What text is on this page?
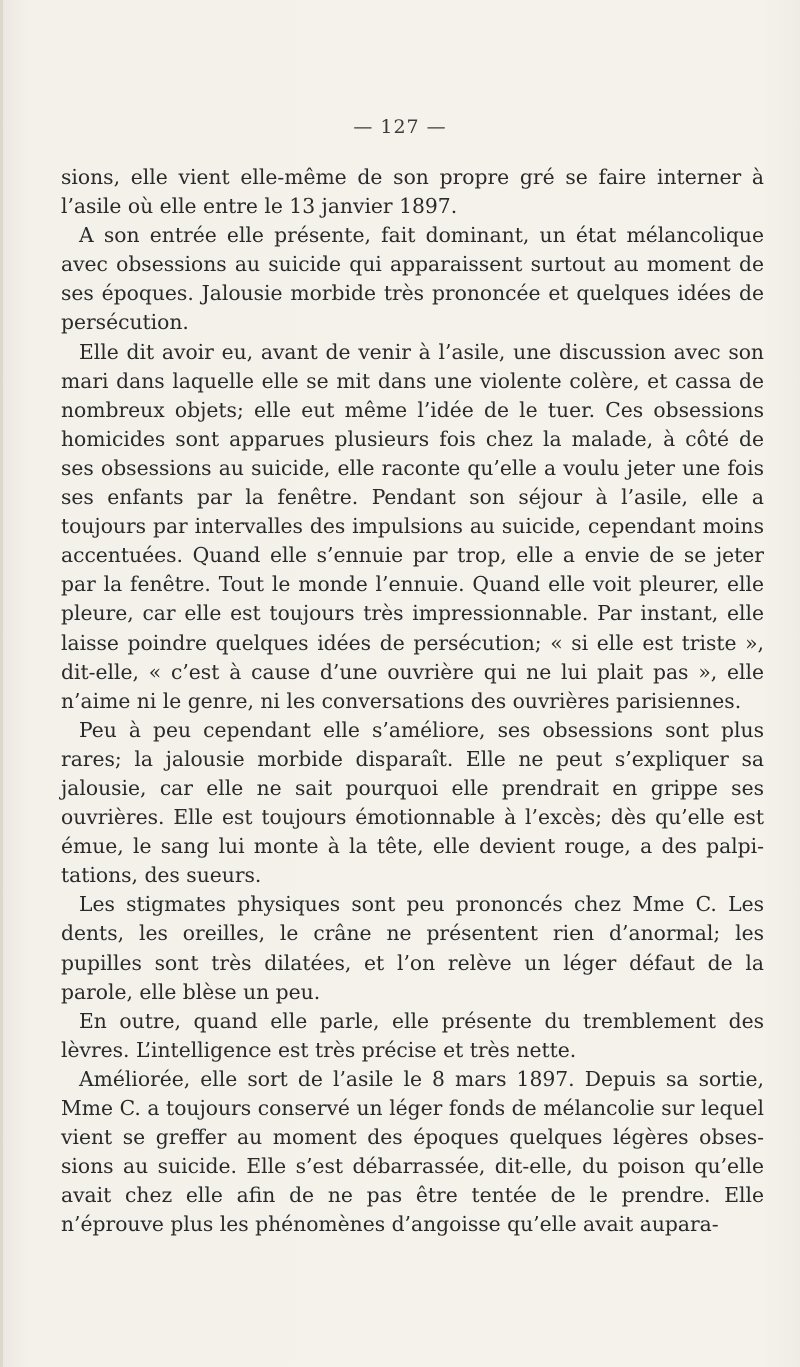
— 127 —

sions, elle vient elle-même de son propre gré se faire interner à l’asile où elle entre le 13 janvier 1897.

A son entrée elle présente, fait dominant, un état mélancolique avec obsessions au suicide qui apparaissent surtout au moment de ses époques. Jalousie morbide très prononcée et quelques idées de persécution.

Elle dit avoir eu, avant de venir à l’asile, une discussion avec son mari dans laquelle elle se mit dans une violente colère, et cassa de nombreux objets; elle eut même l’idée de le tuer. Ces obsessions homicides sont apparues plusieurs fois chez la malade, à côté de ses obsessions au suicide, elle raconte qu’elle a voulu jeter une fois ses enfants par la fenêtre. Pendant son séjour à l’asile, elle a toujours par intervalles des impulsions au suicide, cependant moins accentuées. Quand elle s’ennuie par trop, elle a envie de se jeter par la fenêtre. Tout le monde l’ennuie. Quand elle voit pleurer, elle pleure, car elle est toujours très impressionnable. Par instant, elle laisse poindre quelques idées de persécution; « si elle est triste », dit-elle, « c’est à cause d’une ouvrière qui ne lui plait pas », elle n’aime ni le genre, ni les conversations des ouvrières parisiennes.

Peu à peu cependant elle s’améliore, ses obsessions sont plus rares; la jalousie morbide disparaît. Elle ne peut s’expliquer sa jalousie, car elle ne sait pourquoi elle prendrait en grippe ses ouvrières. Elle est toujours émotionnable à l’excès; dès qu’elle est émue, le sang lui monte à la tête, elle devient rouge, a des palpitations, des sueurs.

Les stigmates physiques sont peu prononcés chez Mme C. Les dents, les oreilles, le crâne ne présentent rien d’anormal; les pupilles sont très dilatées, et l’on relève un léger défaut de la parole, elle blèse un peu.

En outre, quand elle parle, elle présente du tremblement des lèvres. L’intelligence est très précise et très nette.

Améliorée, elle sort de l’asile le 8 mars 1897. Depuis sa sortie, Mme C. a toujours conservé un léger fonds de mélancolie sur lequel vient se greffer au moment des époques quelques légères obsessions au suicide. Elle s’est débarrassée, dit-elle, du poison qu’elle avait chez elle afin de ne pas être tentée de le prendre. Elle n’éprouve plus les phénomènes d’angoisse qu’elle avait aupara-
